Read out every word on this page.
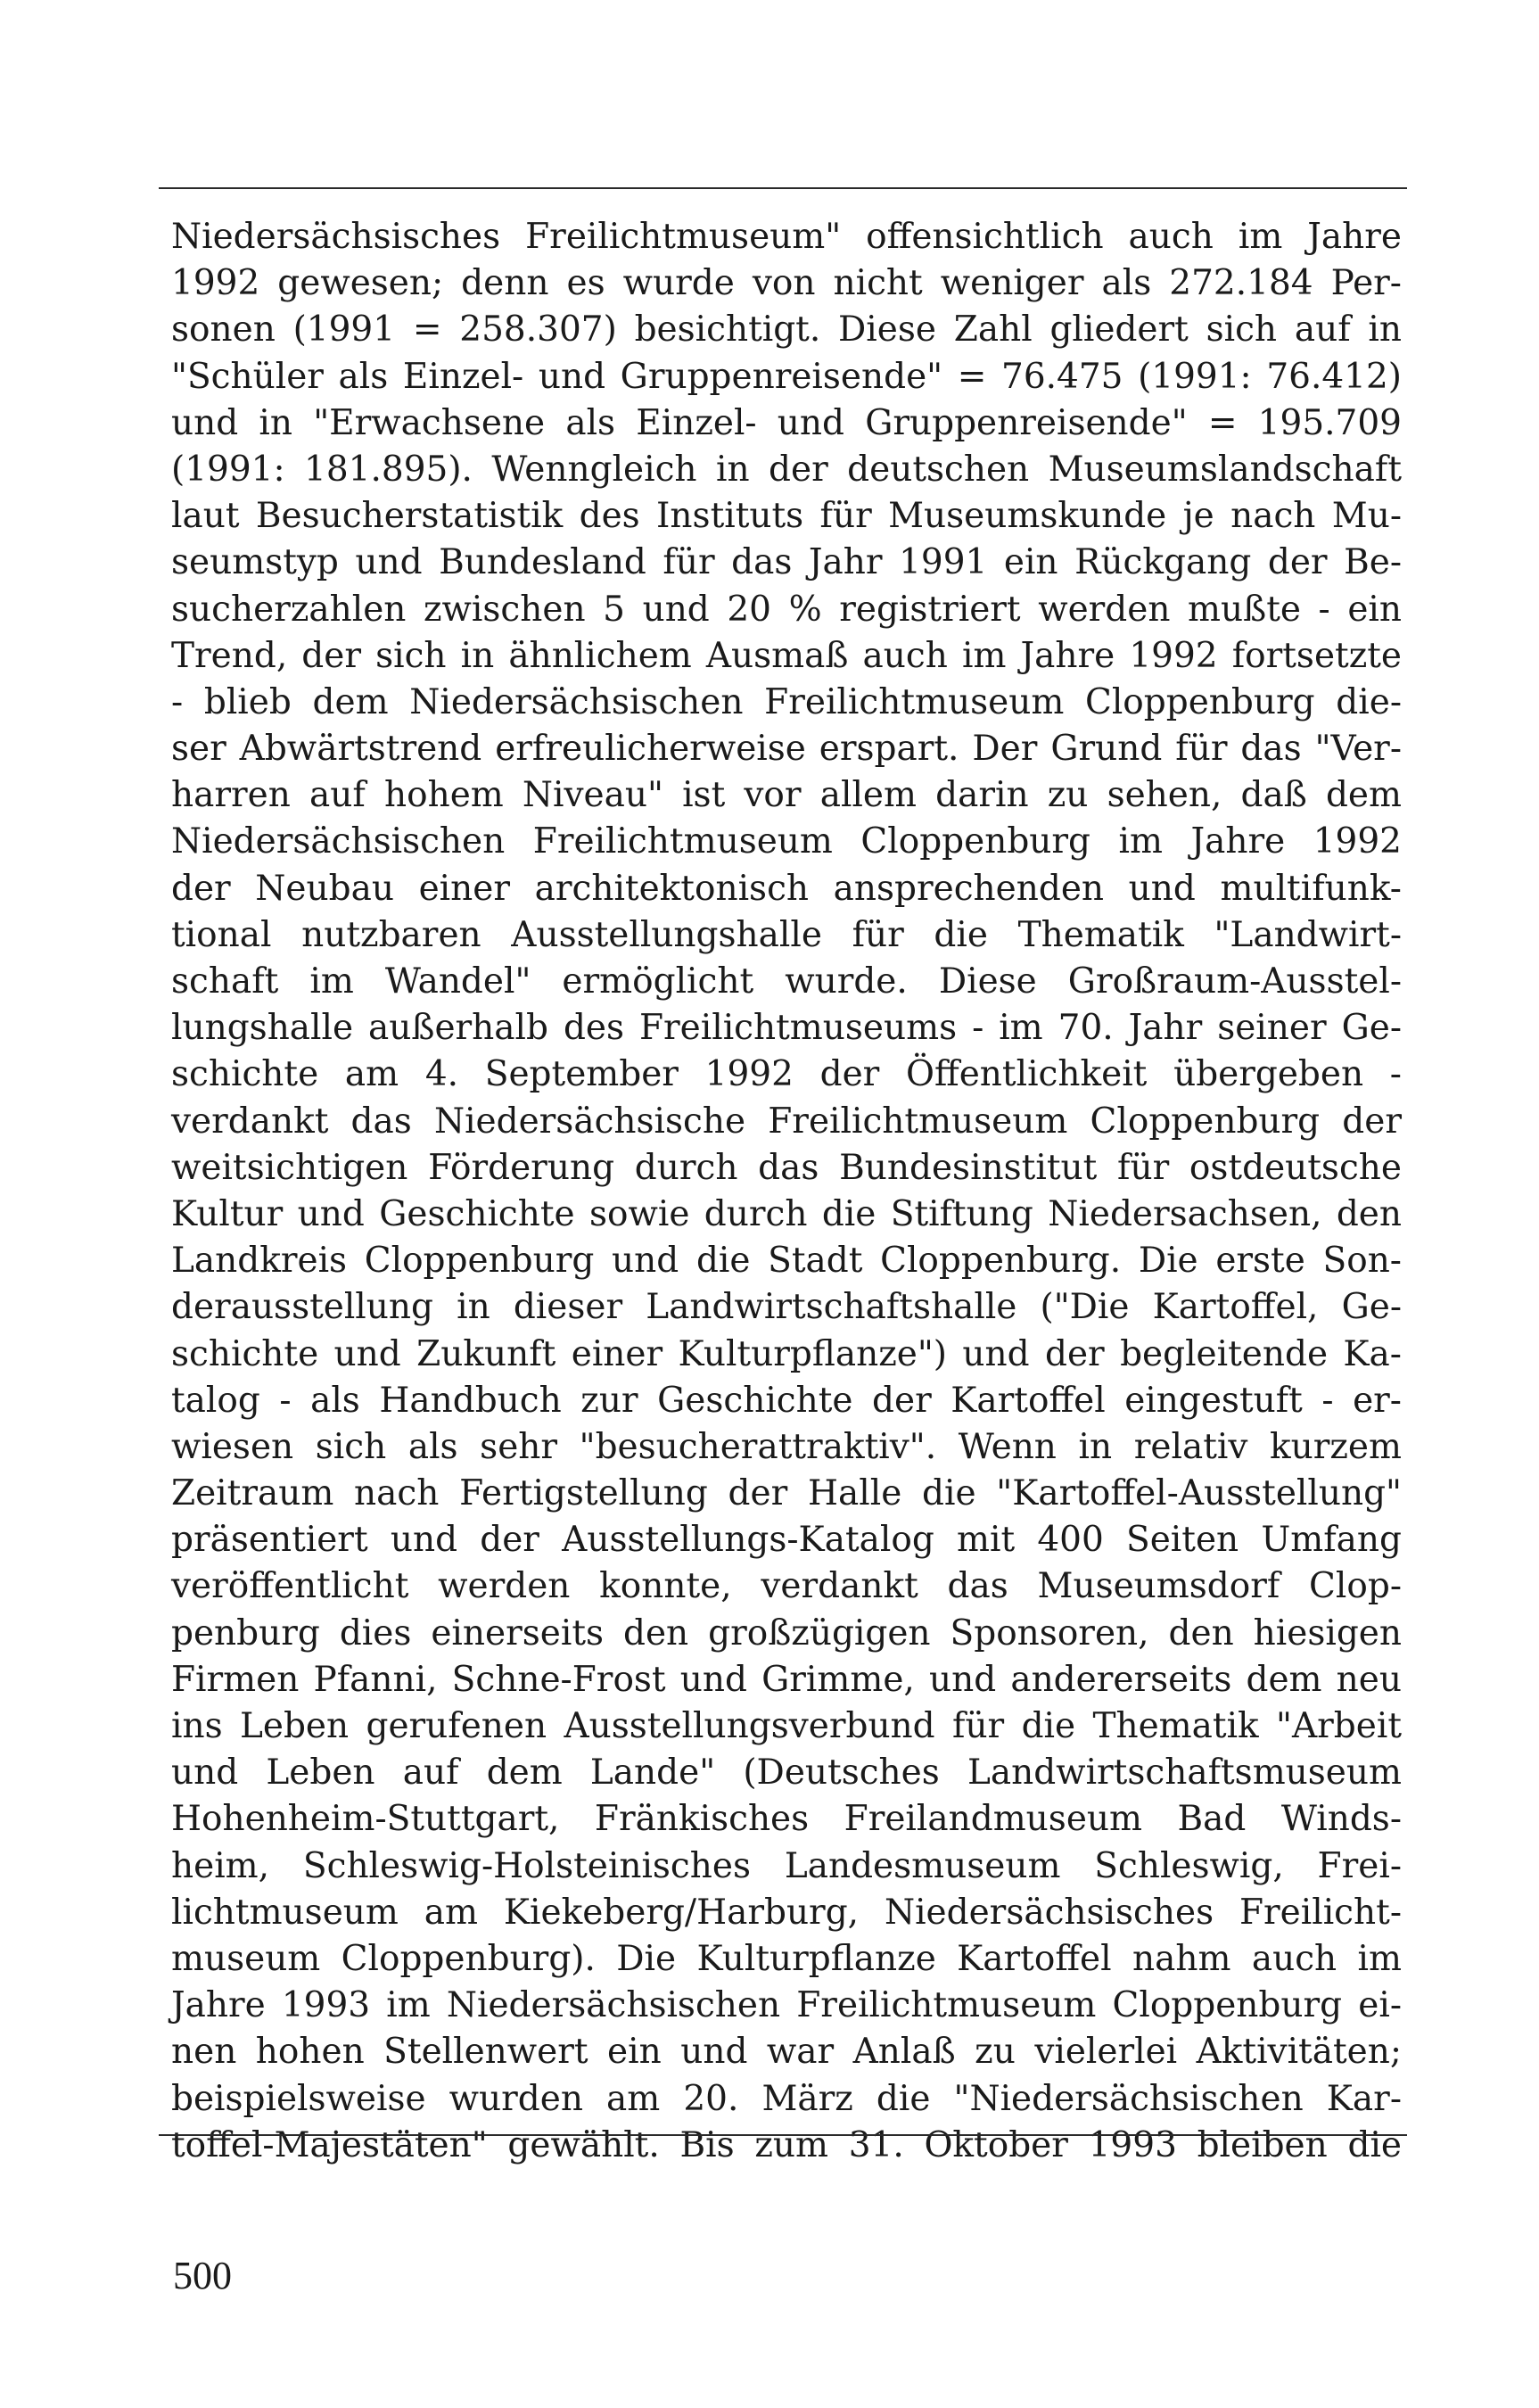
Niedersächsisches Freilichtmuseum" offensichtlich auch im Jahre
1992 gewesen; denn es wurde von nicht weniger als 272.184 Per-
sonen (1991 = 258.307) besichtigt. Diese Zahl gliedert sich auf in
"Schüler als Einzel- und Gruppenreisende" = 76.475 (1991: 76.412)
und in "Erwachsene als Einzel- und Gruppenreisende" = 195.709
(1991: 181.895). Wenngleich in der deutschen Museumslandschaft
laut Besucherstatistik des Instituts für Museumskunde je nach Mu-
seumstyp und Bundesland für das Jahr 1991 ein Rückgang der Be-
sucherzahlen zwischen 5 und 20 % registriert werden mußte - ein
Trend, der sich in ähnlichem Ausmaß auch im Jahre 1992 fortsetzte
- blieb dem Niedersächsischen Freilichtmuseum Cloppenburg die-
ser Abwärtstrend erfreulicherweise erspart. Der Grund für das "Ver-
harren auf hohem Niveau" ist vor allem darin zu sehen, daß dem
Niedersächsischen Freilichtmuseum Cloppenburg im Jahre 1992
der Neubau einer architektonisch ansprechenden und multifunk-
tional nutzbaren Ausstellungshalle für die Thematik "Landwirt-
schaft im Wandel" ermöglicht wurde. Diese Großraum-Ausstel-
lungshalle außerhalb des Freilichtmuseums - im 70. Jahr seiner Ge-
schichte am 4. September 1992 der Öffentlichkeit übergeben -
verdankt das Niedersächsische Freilichtmuseum Cloppenburg der
weitsichtigen Förderung durch das Bundesinstitut für ostdeutsche
Kultur und Geschichte sowie durch die Stiftung Niedersachsen, den
Landkreis Cloppenburg und die Stadt Cloppenburg. Die erste Son-
derausstellung in dieser Landwirtschaftshalle ("Die Kartoffel, Ge-
schichte und Zukunft einer Kulturpflanze") und der begleitende Ka-
talog - als Handbuch zur Geschichte der Kartoffel eingestuft - er-
wiesen sich als sehr "besucherattraktiv". Wenn in relativ kurzem
Zeitraum nach Fertigstellung der Halle die "Kartoffel-Ausstellung"
präsentiert und der Ausstellungs-Katalog mit 400 Seiten Umfang
veröffentlicht werden konnte, verdankt das Museumsdorf Clop-
penburg dies einerseits den großzügigen Sponsoren, den hiesigen
Firmen Pfanni, Schne-Frost und Grimme, und andererseits dem neu
ins Leben gerufenen Ausstellungsverbund für die Thematik "Arbeit
und Leben auf dem Lande" (Deutsches Landwirtschaftsmuseum
Hohenheim-Stuttgart, Fränkisches Freilandmuseum Bad Winds-
heim, Schleswig-Holsteinisches Landesmuseum Schleswig, Frei-
lichtmuseum am Kiekeberg/Harburg, Niedersächsisches Freilicht-
museum Cloppenburg). Die Kulturpflanze Kartoffel nahm auch im
Jahre 1993 im Niedersächsischen Freilichtmuseum Cloppenburg ei-
nen hohen Stellenwert ein und war Anlaß zu vielerlei Aktivitäten;
beispielsweise wurden am 20. März die "Niedersächsischen Kar-
toffel-Majestäten" gewählt. Bis zum 31. Oktober 1993 bleiben die
500
